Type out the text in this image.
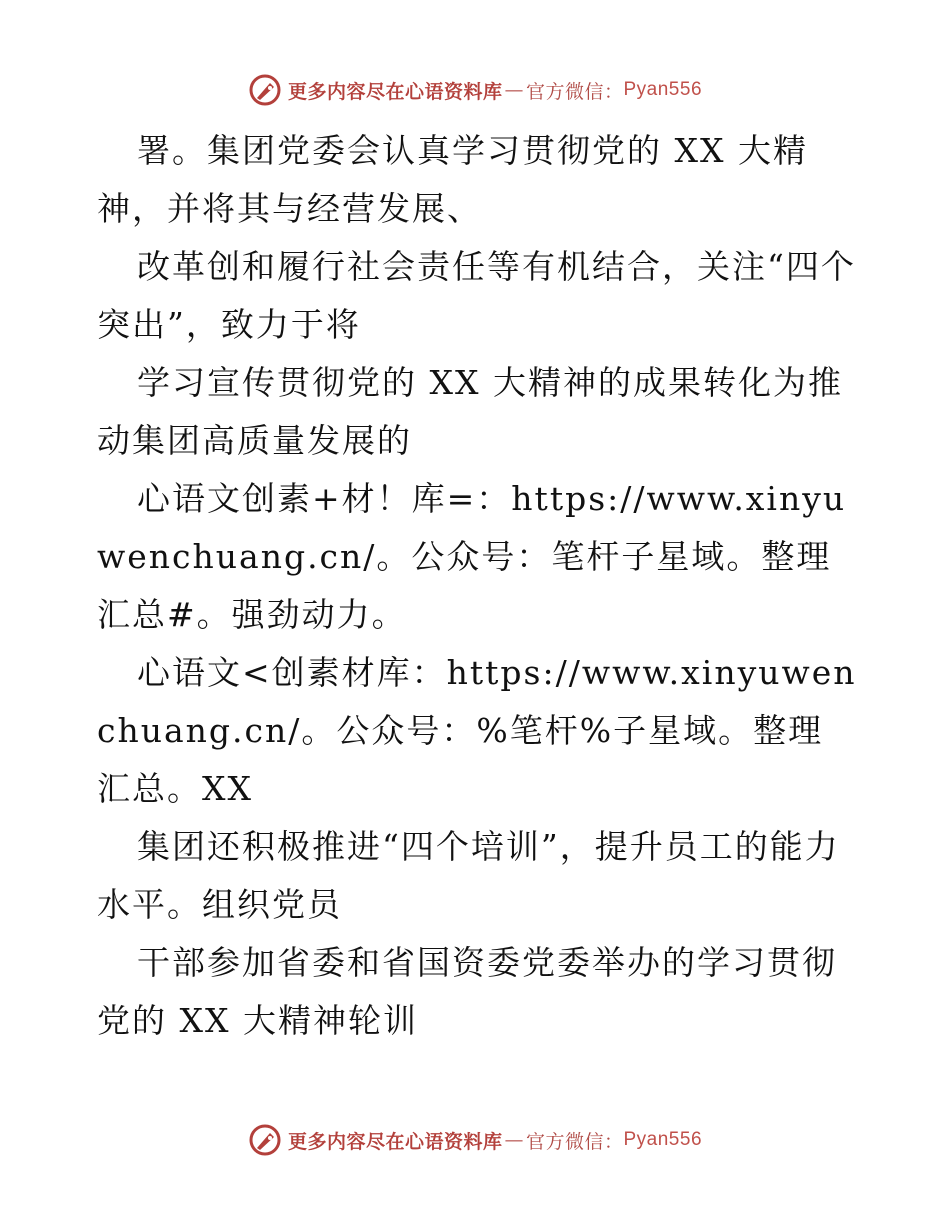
更多内容尽在心语资料库 — 官方微信： Pyan556

署。集团党委会认真学习贯彻党的 XX 大精神，并将其与经营发展、

改革创和履行社会责任等有机结合，关注“四个突出”，致力于将

学习宣传贯彻党的 XX 大精神的成果转化为推动集团高质量发展的

心语文创素+材！库=：https://www.xinyuwenchuang.cn/。公众号：笔杆子星域。整理汇总#。强劲动力。

心语文<创素材库：https://www.xinyuwenchuang.cn/。公众号：%笔杆%子星域。整理汇总。XX

集团还积极推进“四个培训”，提升员工的能力水平。组织党员

干部参加省委和省国资委党委举办的学习贯彻党的 XX 大精神轮训

更多内容尽在心语资料库 — 官方微信： Pyan556
